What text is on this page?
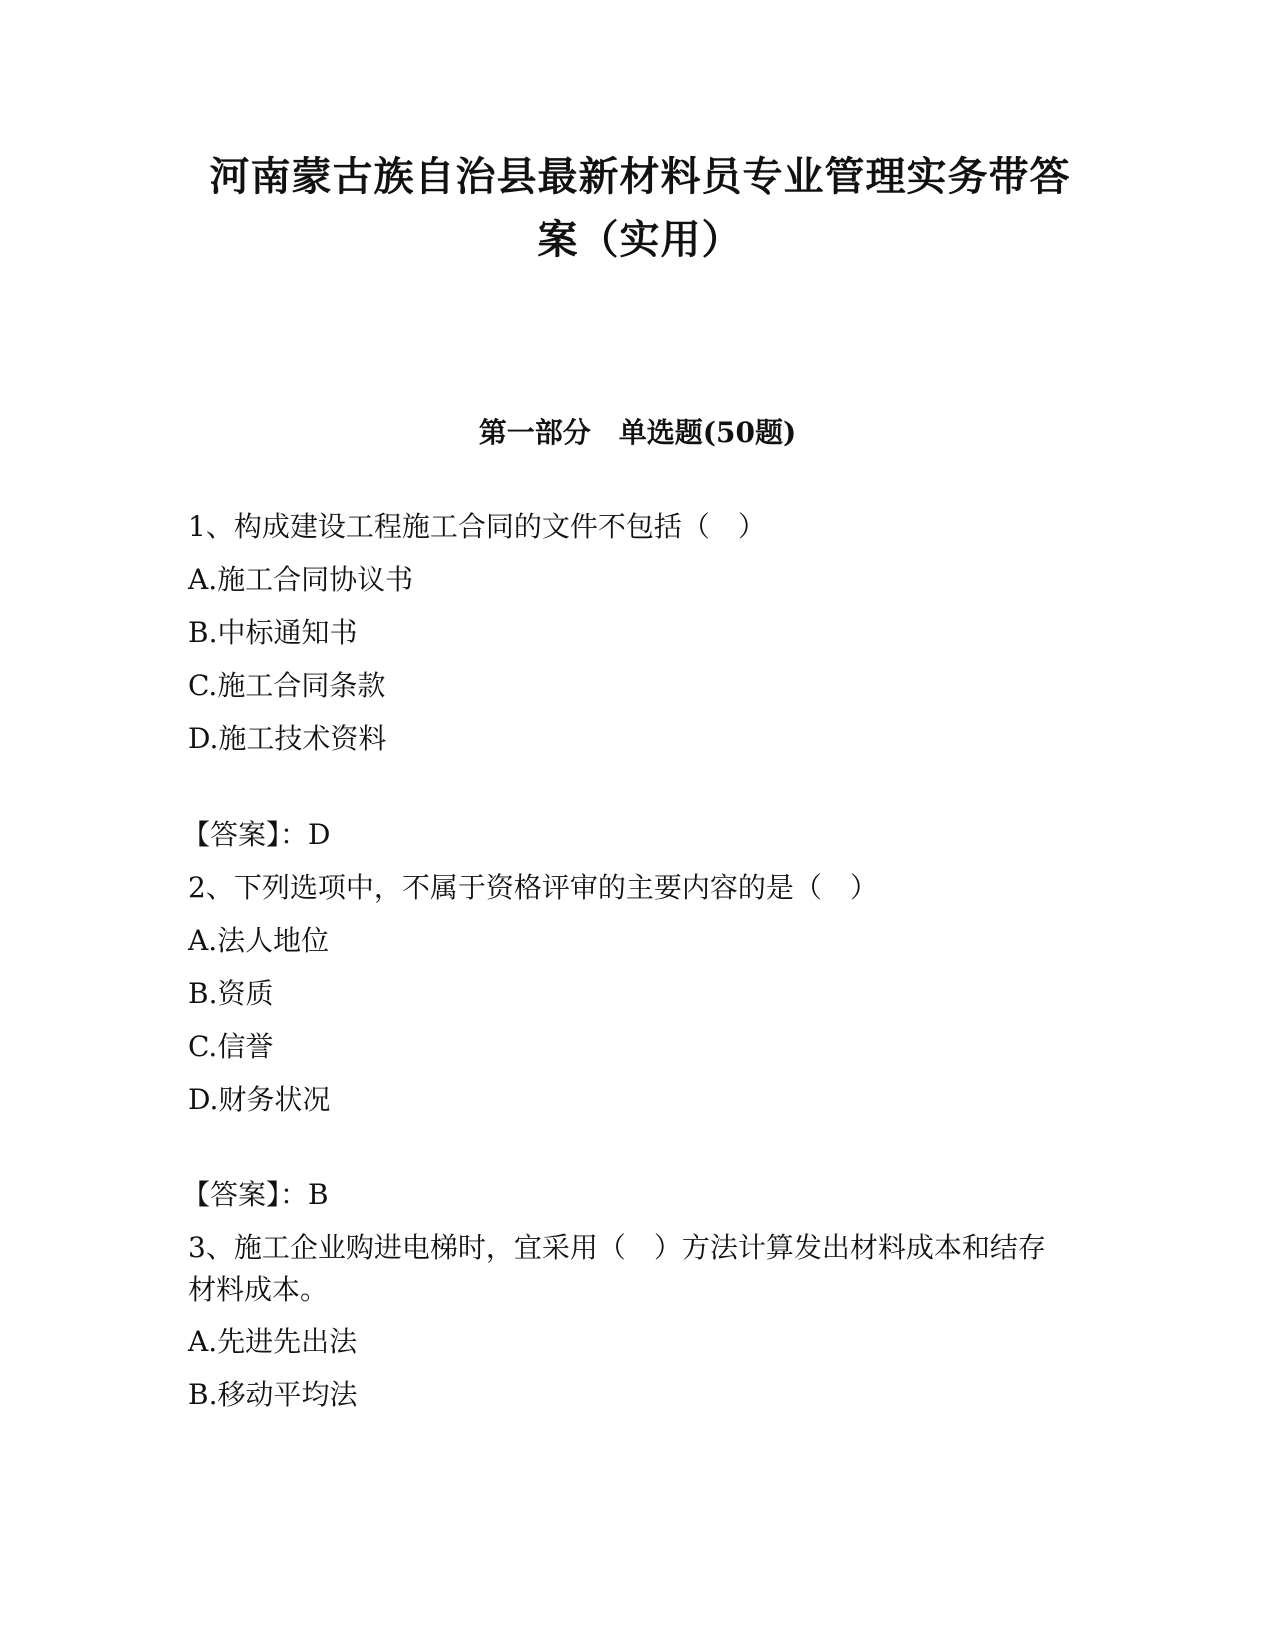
河南蒙古族自治县最新材料员专业管理实务带答
案（实用）
第一部分　单选题(50题)

1、构成建设工程施工合同的文件不包括（　）

A.施工合同协议书

B.中标通知书

C.施工合同条款

D.施工技术资料

【答案】：D

2、下列选项中，不属于资格评审的主要内容的是（　）

A.法人地位

B.资质

C.信誉

D.财务状况

【答案】：B

3、施工企业购进电梯时，宜采用（　）方法计算发出材料成本和结存

材料成本。

A.先进先出法

B.移动平均法
